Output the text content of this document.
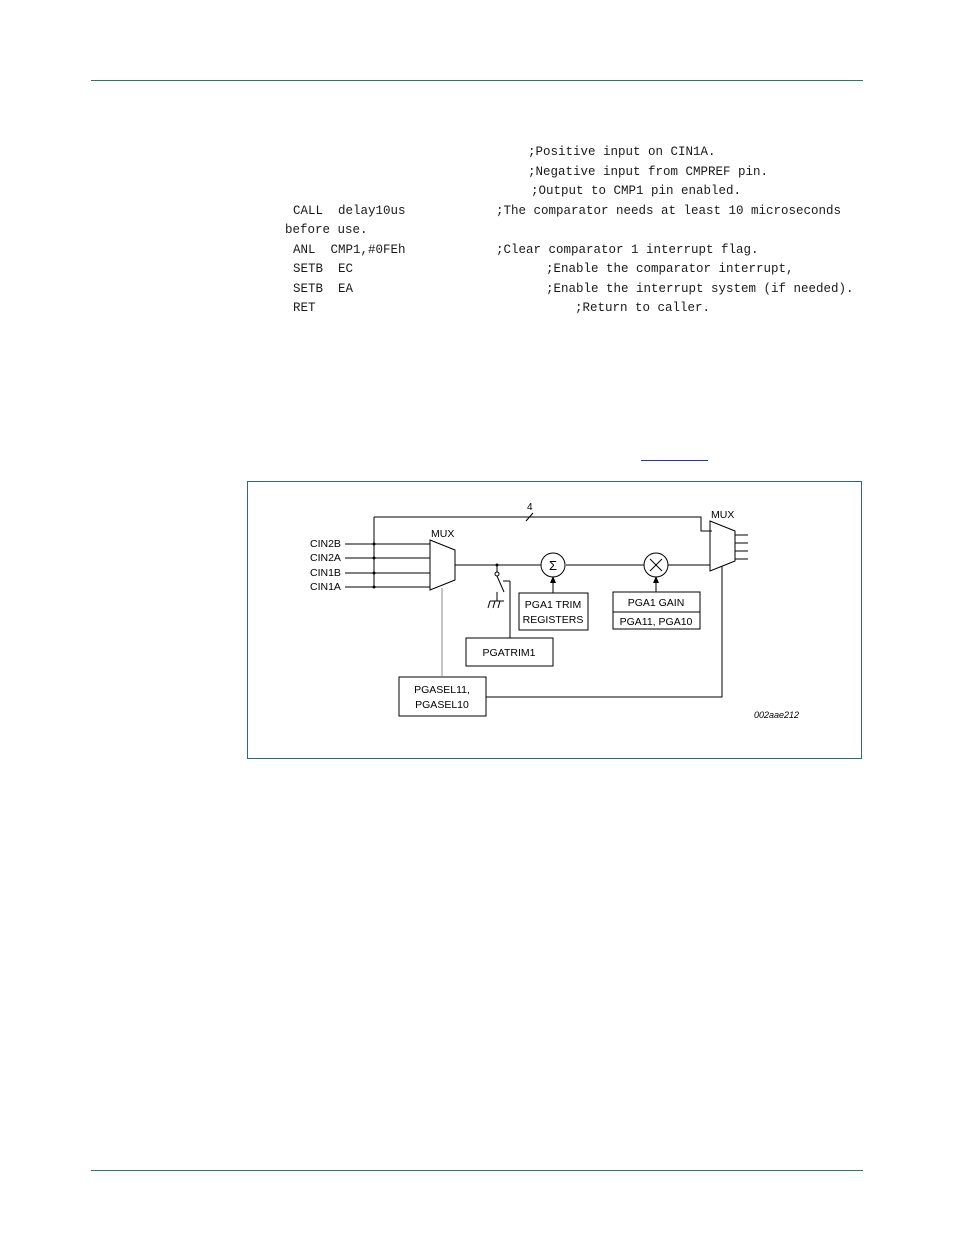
;Positive input on CIN1A.
;Negative input from CMPREF pin.
;Output to CMP1 pin enabled.
CALL  delay10us	;The comparator needs at least 10 microseconds
before use.
ANL  CMP1,#0FEh	;Clear comparator 1 interrupt flag.
SETB  EC	;Enable the comparator interrupt,
SETB  EA	;Enable the interrupt system (if needed).
RET	;Return to caller.
CIN2B
CIN2A
CIN1B
CIN1A
MUX
MUX
4
Σ
PGA1 TRIM
REGISTERS
PGA1 GAIN
PGA11, PGA10
PGATRIM1
PGASEL11,
PGASEL10
002aae212
